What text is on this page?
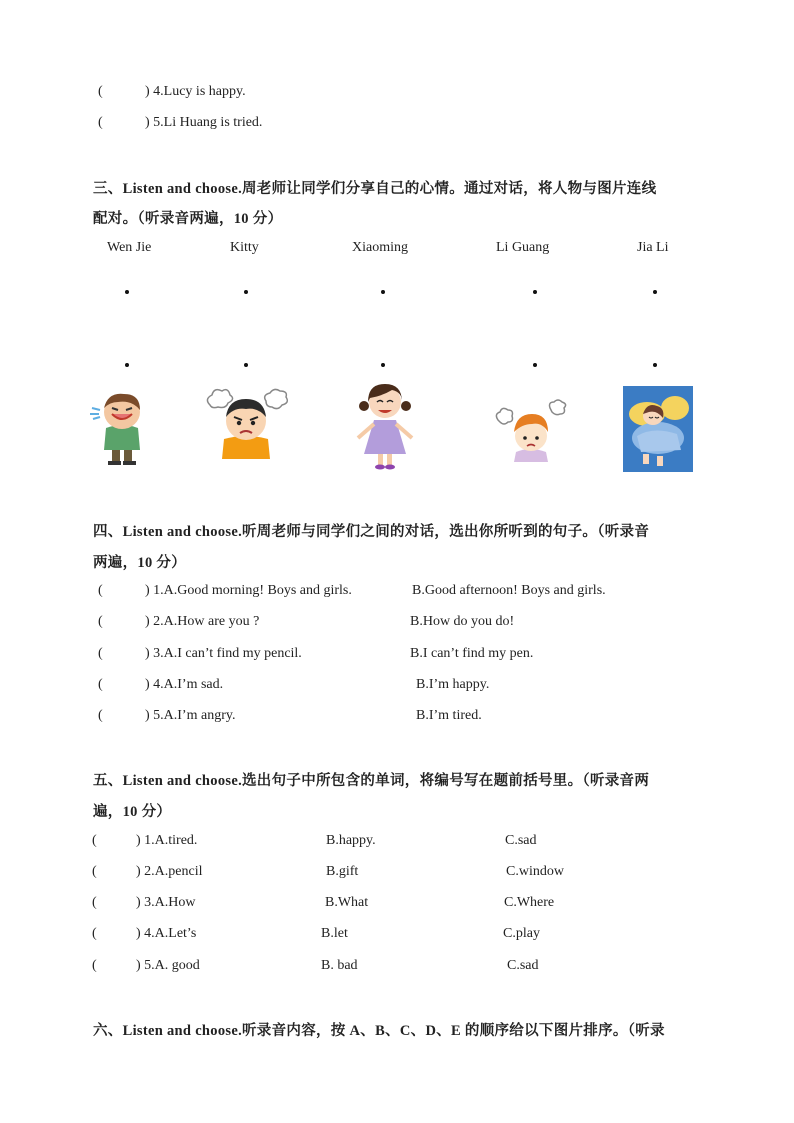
(	) 4.Lucy is happy.
(	) 5.Li Huang is tried.
三、Listen and choose.周老师让同学们分享自己的心情。通过对话，将人物与图片连线
配对。（听录音两遍，10 分）
Wen Jie	Kitty	Xiaoming	Li Guang	Jia Li
四、Listen and choose.听周老师与同学们之间的对话，选出你所听到的句子。（听录音
两遍，10 分）
(	) 1.A.Good morning! Boys and girls.	B.Good afternoon! Boys and girls.
(	) 2.A.How are you ?	B.How do you do!
(	) 3.A.I can’t find my pencil.	B.I can’t find my pen.
(	) 4.A.I’m sad.	B.I’m happy.
(	) 5.A.I’m angry.	B.I’m tired.
五、Listen and choose.选出句子中所包含的单词，将编号写在题前括号里。（听录音两
遍，10 分）
(	) 1.A.tired.	B.happy.	C.sad
(	) 2.A.pencil	B.gift	C.window
(	) 3.A.How	B.What	C.Where
(	) 4.A.Let’s	B.let	C.play
(	) 5.A. good	B. bad	C.sad
六、Listen and choose.听录音内容，按 A、B、C、D、E 的顺序给以下图片排序。（听录
